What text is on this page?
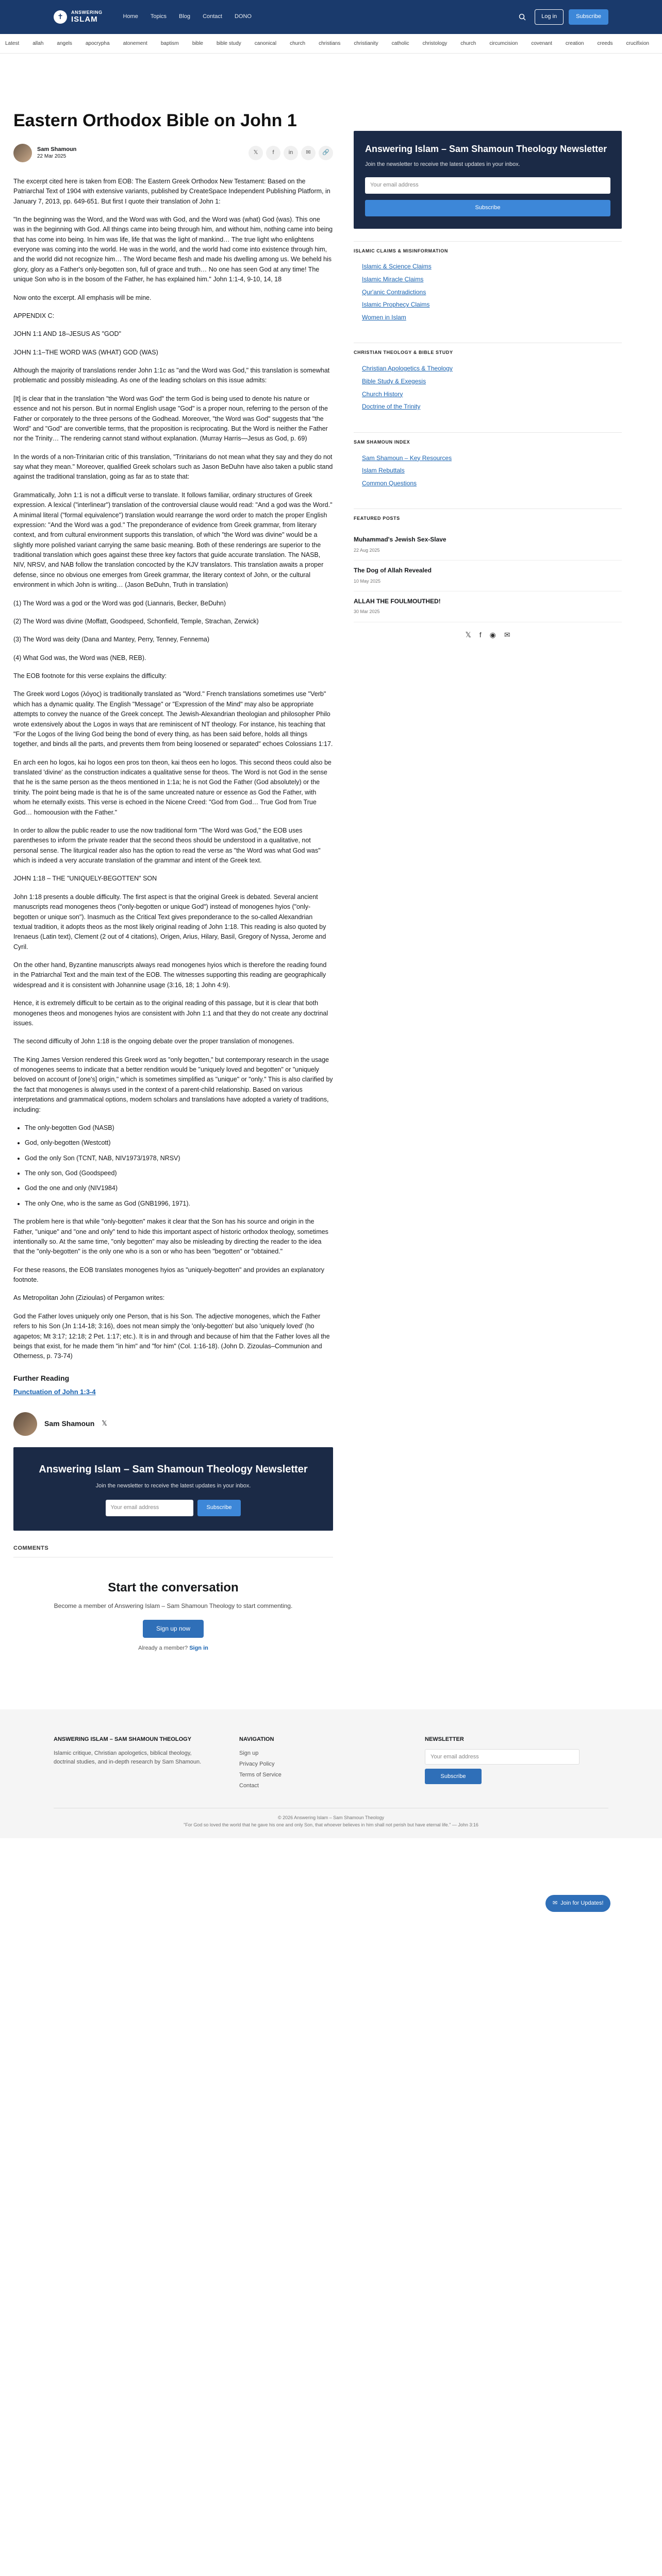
✝
ANSWERING
ISLAM	Home Topics Blog Contact DONO	Log in	Subscribe
Latest	allah	angels	apocrypha	atonement	baptism	bible	bible study	canonical	church	christians	christianity	catholic	christology	church	circumcision	covenant	creation	creeds	crucifixion
Eastern Orthodox Bible on John 1
Sam Shamoun
22 Mar 2025
𝕏	f	in	✉	🔗

The excerpt cited here is taken from EOB: The Eastern Greek Orthodox New Testament: Based on the Patriarchal Text of 1904 with extensive variants, published by CreateSpace Independent Publishing Platform, in January 7, 2013, pp. 649-651. But first I quote their translation of John 1:

"In the beginning was the Word, and the Word was with God, and the Word was (what) God (was). This one was in the beginning with God. All things came into being through him, and without him, nothing came into being that has come into being. In him was life, life that was the light of mankind… The true light who enlightens everyone was coming into the world. He was in the world, and the world had come into existence through him, and the world did not recognize him… The Word became flesh and made his dwelling among us. We beheld his glory, glory as a Father's only-begotten son, full of grace and truth… No one has seen God at any time! The unique Son who is in the bosom of the Father, he has explained him." John 1:1-4, 9-10, 14, 18

Now onto the excerpt. All emphasis will be mine.

APPENDIX C:

JOHN 1:1 AND 18–JESUS AS "GOD"

JOHN 1:1–THE WORD WAS (WHAT) GOD (WAS)

Although the majority of translations render John 1:1c as "and the Word was God," this translation is somewhat problematic and possibly misleading. As one of the leading scholars on this issue admits:

[It] is clear that in the translation "the Word was God" the term God is being used to denote his nature or essence and not his person. But in normal English usage "God" is a proper noun, referring to the person of the Father or corporately to the three persons of the Godhead. Moreover, "the Word was God" suggests that "the Word" and "God" are convertible terms, that the proposition is reciprocating. But the Word is neither the Father nor the Trinity… The rendering cannot stand without explanation. (Murray Harris—Jesus as God, p. 69)

In the words of a non-Trinitarian critic of this translation, "Trinitarians do not mean what they say and they do not say what they mean." Moreover, qualified Greek scholars such as Jason BeDuhn have also taken a public stand against the traditional translation, going as far as to state that:

Grammatically, John 1:1 is not a difficult verse to translate. It follows familiar, ordinary structures of Greek expression. A lexical ("interlinear") translation of the controversial clause would read: "And a god was the Word." A minimal literal ("formal equivalence") translation would rearrange the word order to match the proper English expression: "And the Word was a god." The preponderance of evidence from Greek grammar, from literary context, and from cultural environment supports this translation, of which "the Word was divine" would be a slightly more polished variant carrying the same basic meaning. Both of these renderings are superior to the traditional translation which goes against these three key factors that guide accurate translation. The NASB, NIV, NRSV, and NAB follow the translation concocted by the KJV translators. This translation awaits a proper defense, since no obvious one emerges from Greek grammar, the literary context of John, or the cultural environment in which John is writing… (Jason BeDuhn, Truth in translation)

(1) The Word was a god or the Word was god (Liannaris, Becker, BeDuhn)

(2) The Word was divine (Moffatt, Goodspeed, Schonfield, Temple, Strachan, Zerwick)

(3) The Word was deity (Dana and Mantey, Perry, Tenney, Fennema)

(4) What God was, the Word was (NEB, REB).

The EOB footnote for this verse explains the difficulty:

The Greek word Logos (λόγος) is traditionally translated as "Word." French translations sometimes use "Verb" which has a dynamic quality. The English "Message" or "Expression of the Mind" may also be appropriate attempts to convey the nuance of the Greek concept. The Jewish-Alexandrian theologian and philosopher Philo wrote extensively about the Logos in ways that are reminiscent of NT theology. For instance, his teaching that "For the Logos of the living God being the bond of every thing, as has been said before, holds all things together, and binds all the parts, and prevents them from being loosened or separated" echoes Colossians 1:17.

En arch een ho logos, kai ho logos een pros ton theon, kai theos een ho logos. This second theos could also be translated 'divine' as the construction indicates a qualitative sense for theos. The Word is not God in the sense that he is the same person as the theos mentioned in 1:1a; he is not God the Father (God absolutely) or the trinity. The point being made is that he is of the same uncreated nature or essence as God the Father, with whom he eternally exists. This verse is echoed in the Nicene Creed: "God from God… True God from True God… homoousion with the Father."

In order to allow the public reader to use the now traditional form "The Word was God," the EOB uses parentheses to inform the private reader that the second theos should be understood in a qualitative, not personal sense. The liturgical reader also has the option to read the verse as "the Word was what God was" which is indeed a very accurate translation of the grammar and intent of the Greek text.

JOHN 1:18 – THE "UNIQUELY-BEGOTTEN" SON

John 1:18 presents a double difficulty. The first aspect is that the original Greek is debated. Several ancient manuscripts read monogenes theos ("only-begotten or unique God") instead of monogenes hyios ("only-begotten or unique son"). Inasmuch as the Critical Text gives preponderance to the so-called Alexandrian textual tradition, it adopts theos as the most likely original reading of John 1:18. This reading is also quoted by Irenaeus (Latin text), Clement (2 out of 4 citations), Origen, Arius, Hilary, Basil, Gregory of Nyssa, Jerome and Cyril.

On the other hand, Byzantine manuscripts always read monogenes hyios which is therefore the reading found in the Patriarchal Text and the main text of the EOB. The witnesses supporting this reading are geographically widespread and it is consistent with Johannine usage (3:16, 18; 1 John 4:9).

Hence, it is extremely difficult to be certain as to the original reading of this passage, but it is clear that both monogenes theos and monogenes hyios are consistent with John 1:1 and that they do not create any doctrinal issues.

The second difficulty of John 1:18 is the ongoing debate over the proper translation of monogenes.

The King James Version rendered this Greek word as "only begotten," but contemporary research in the usage of monogenes seems to indicate that a better rendition would be "uniquely loved and begotten" or "uniquely beloved on account of [one's] origin," which is sometimes simplified as "unique" or "only." This is also clarified by the fact that monogenes is always used in the context of a parent-child relationship. Based on various interpretations and grammatical options, modern scholars and translations have adopted a variety of traditions, including:

• The only-begotten God (NASB)
• God, only-begotten (Westcott)
• God the only Son (TCNT, NAB, NIV1973/1978, NRSV)
• The only son, God (Goodspeed)
• God the one and only (NIV1984)
• The only One, who is the same as God (GNB1996, 1971).

The problem here is that while "only-begotten" makes it clear that the Son has his source and origin in the Father, "unique" and "one and only" tend to hide this important aspect of historic orthodox theology, sometimes intentionally so. At the same time, "only begotten" may also be misleading by directing the reader to the idea that the "only-begotten" is the only one who is a son or who has been "begotten" or "obtained."

For these reasons, the EOB translates monogenes hyios as "uniquely-begotten" and provides an explanatory footnote.

As Metropolitan John (Zizioulas) of Pergamon writes:

God the Father loves uniquely only one Person, that is his Son. The adjective monogenes, which the Father refers to his Son (Jn 1:14-18; 3:16), does not mean simply the 'only-begotten' but also 'uniquely loved' (ho agapetos; Mt 3:17; 12:18; 2 Pet. 1:17; etc.). It is in and through and because of him that the Father loves all the beings that exist, for he made them "in him" and "for him" (Col. 1:16-18). (John D. Zizoulas–Communion and Otherness, p. 73-74)

Further Reading
Punctuation of John 1:3-4
Sam Shamoun 𝕏
Answering Islam – Sam Shamoun Theology Newsletter

Join the newsletter to receive the latest updates in your inbox.

Your email address	Subscribe
COMMENTS
Start the conversation

Become a member of Answering Islam – Sam Shamoun Theology to start commenting.

Sign up now
Already a member? Sign in
Answering Islam – Sam Shamoun Theology Newsletter

Join the newsletter to receive the latest updates in your inbox.

Your email address
Subscribe
ISLAMIC CLAIMS & MISINFORMATION
Islamic & Science Claims
Islamic Miracle Claims
Qur'anic Contradictions
Islamic Prophecy Claims
Women in Islam
CHRISTIAN THEOLOGY & BIBLE STUDY
Christian Apologetics & Theology
Bible Study & Exegesis
Church History
Doctrine of the Trinity
SAM SHAMOUN INDEX
Sam Shamoun – Key Resources
Islam Rebuttals
Common Questions
FEATURED POSTS
Muhammad's Jewish Sex-Slave
22 Aug 2025
The Dog of Allah Revealed
10 May 2025
ALLAH THE FOULMOUTHED!
30 Mar 2025
𝕏 f ◉ ✉
✉ Join for Updates!
ANSWERING ISLAM – SAM SHAMOUN THEOLOGY

Islamic critique, Christian apologetics, biblical theology, doctrinal studies, and in-depth research by Sam Shamoun.

NAVIGATION
Sign up
Privacy Policy
Terms of Service
Contact
NEWSLETTER
Your email address
Subscribe
© 2026 Answering Islam – Sam Shamoun Theology
"For God so loved the world that he gave his one and only Son, that whoever believes in him shall not perish but have eternal life." — John 3:16
